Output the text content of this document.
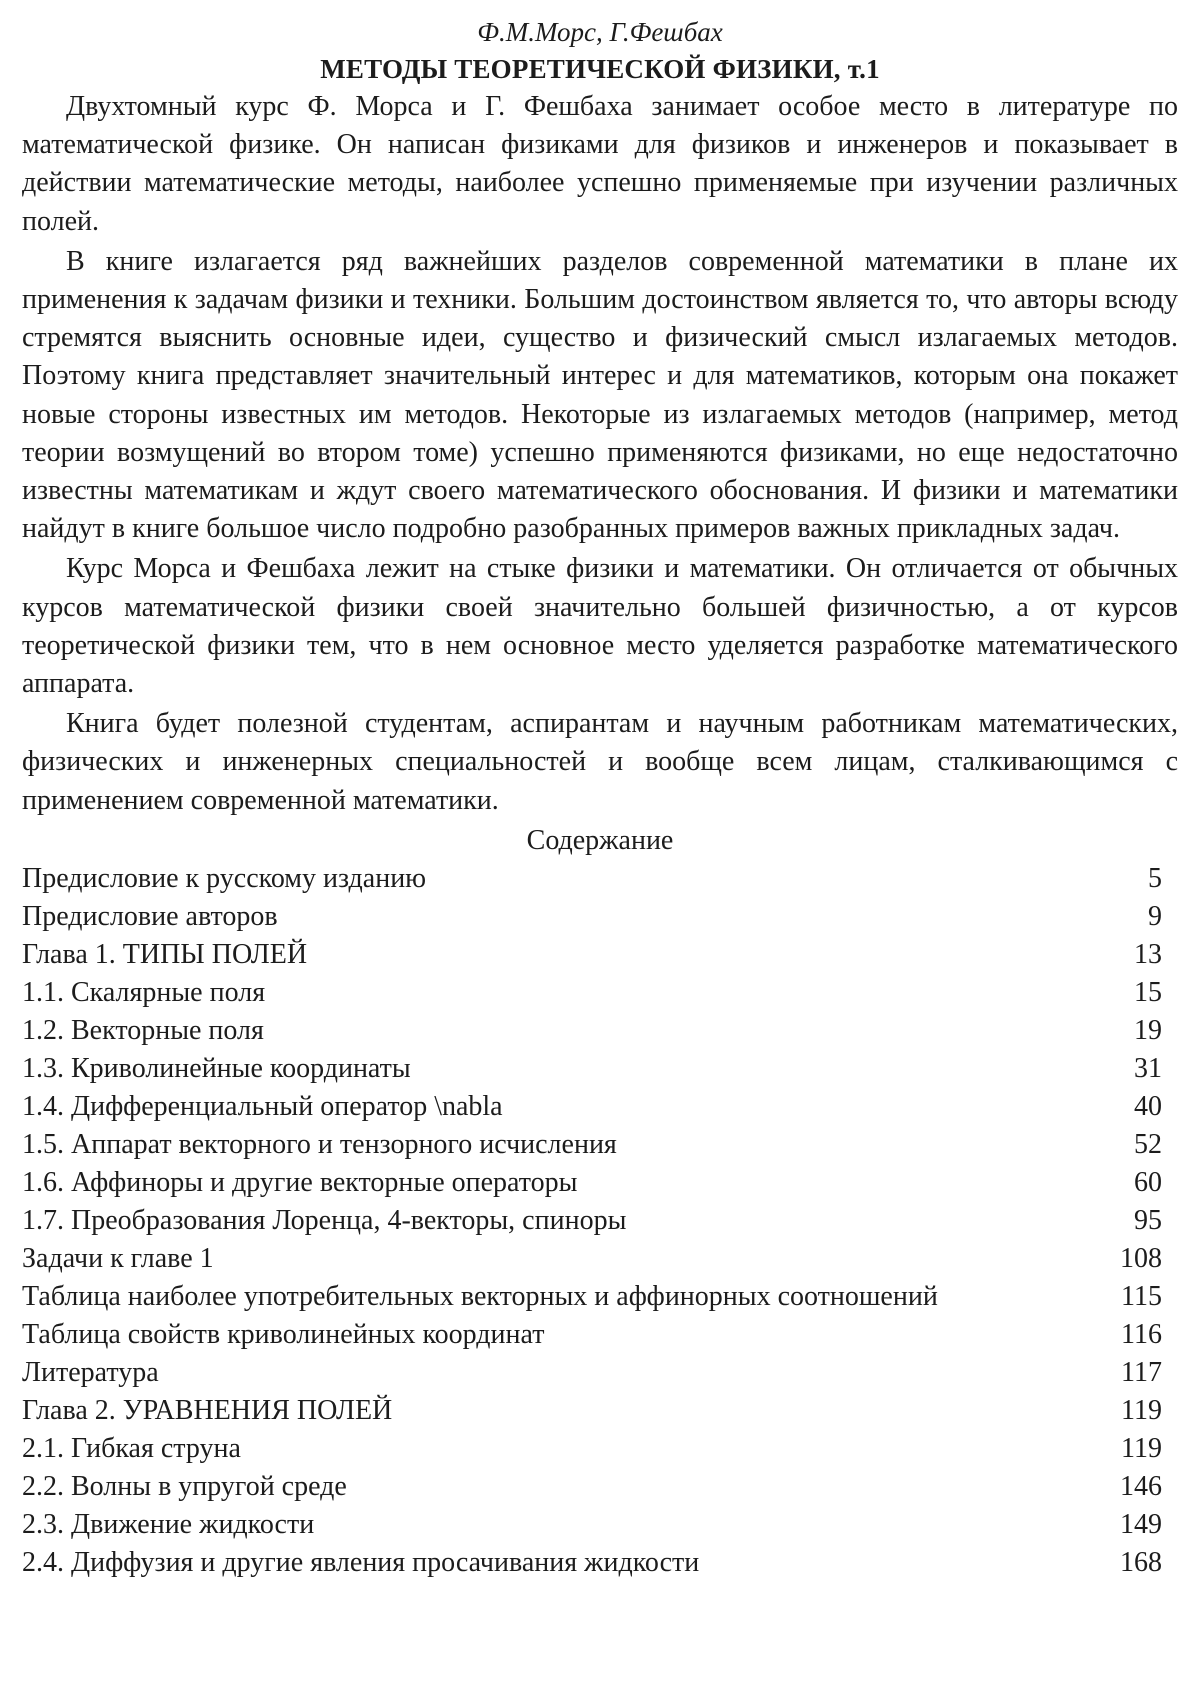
Ф.М.Морс, Г.Фешбах
МЕТОДЫ ТЕОРЕТИЧЕСКОЙ ФИЗИКИ, т.1

Двухтомный курс Ф. Морса и Г. Фешбаха занимает особое место в литературе по математической физике. Он написан физиками для физиков и инженеров и показывает в действии математические методы, наиболее успешно применяемые при изучении различных полей.

В книге излагается ряд важнейших разделов современной математики в плане их применения к задачам физики и техники. Большим достоинством является то, что авторы всюду стремятся выяснить основные идеи, существо и физический смысл излагаемых методов. Поэтому книга представляет значительный интерес и для математиков, которым она покажет новые стороны известных им методов. Некоторые из излагаемых методов (например, метод теории возмущений во втором томе) успешно применяются физиками, но еще недостаточно известны математикам и ждут своего математического обоснования. И физики и математики найдут в книге большое число подробно разобранных примеров важных прикладных задач.

Курс Морса и Фешбаха лежит на стыке физики и математики. Он отличается от обычных курсов математической физики своей значительно большей физичностью, а от курсов теоретической физики тем, что в нем основное место уделяется разработке математического аппарата.

Книга будет полезной студентам, аспирантам и научным работникам математических, физических и инженерных специальностей и вообще всем лицам, сталкивающимся с применением современной математики.

Содержание
Предисловие к русскому изданию	5
Предисловие авторов	9
Глава 1. ТИПЫ ПОЛЕЙ	13
1.1. Скалярные поля	15
1.2. Векторные поля	19
1.3. Криволинейные координаты	31
1.4. Дифференциальный оператор \nabla	40
1.5. Аппарат векторного и тензорного исчисления	52
1.6. Аффиноры и другие векторные операторы	60
1.7. Преобразования Лоренца, 4-векторы, спиноры	95
Задачи к главе 1	108
Таблица наиболее употребительных векторных и аффинорных соотношений	115
Таблица свойств криволинейных координат	116
Литература	117
Глава 2. УРАВНЕНИЯ ПОЛЕЙ	119
2.1. Гибкая струна	119
2.2. Волны в упругой среде	146
2.3. Движение жидкости	149
2.4. Диффузия и другие явления просачивания жидкости	168
